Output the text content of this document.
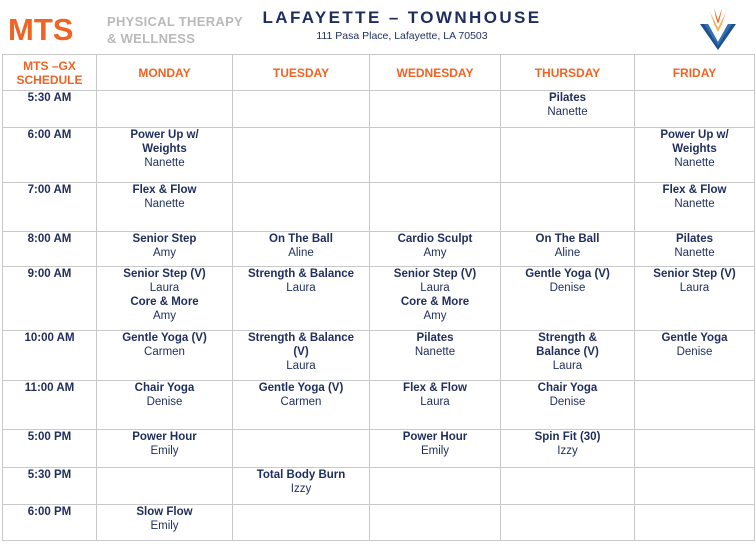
MTS	PHYSICAL THERAPY
& WELLNESS
LAFAYETTE – TOWNHOUSE
111 Pasa Place, Lafayette, LA 70503
MTS –GX
SCHEDULE	MONDAY	TUESDAY	WEDNESDAY	THURSDAY	FRIDAY
5:30 AM				Pilates
Nanette	

6:00 AM	Power Up w/ Weights
Nanette				Power Up w/ Weights
Nanette

7:00 AM	Flex & Flow
Nanette				Flex & Flow
Nanette

8:00 AM	Senior Step
Amy	On The Ball
Aline	Cardio Sculpt
Amy	On The Ball
Aline	Pilates
Nanette

9:00 AM	Senior Step (V)
Laura
Core & More
Amy	Strength & Balance
Laura	Senior Step (V)
Laura
Core & More
Amy	Gentle Yoga (V)
Denise	Senior Step (V)
Laura

10:00 AM	Gentle Yoga (V)
Carmen	Strength & Balance (V)
Laura	Pilates
Nanette	Strength & Balance (V)
Laura	Gentle Yoga
Denise

11:00 AM	Chair Yoga
Denise	Gentle Yoga (V)
Carmen	Flex & Flow
Laura	Chair Yoga
Denise	

5:00 PM	Power Hour
Emily		Power Hour
Emily	Spin Fit (30)
Izzy	

5:30 PM		Total Body Burn
Izzy			

6:00 PM	Slow Flow
Emily				
